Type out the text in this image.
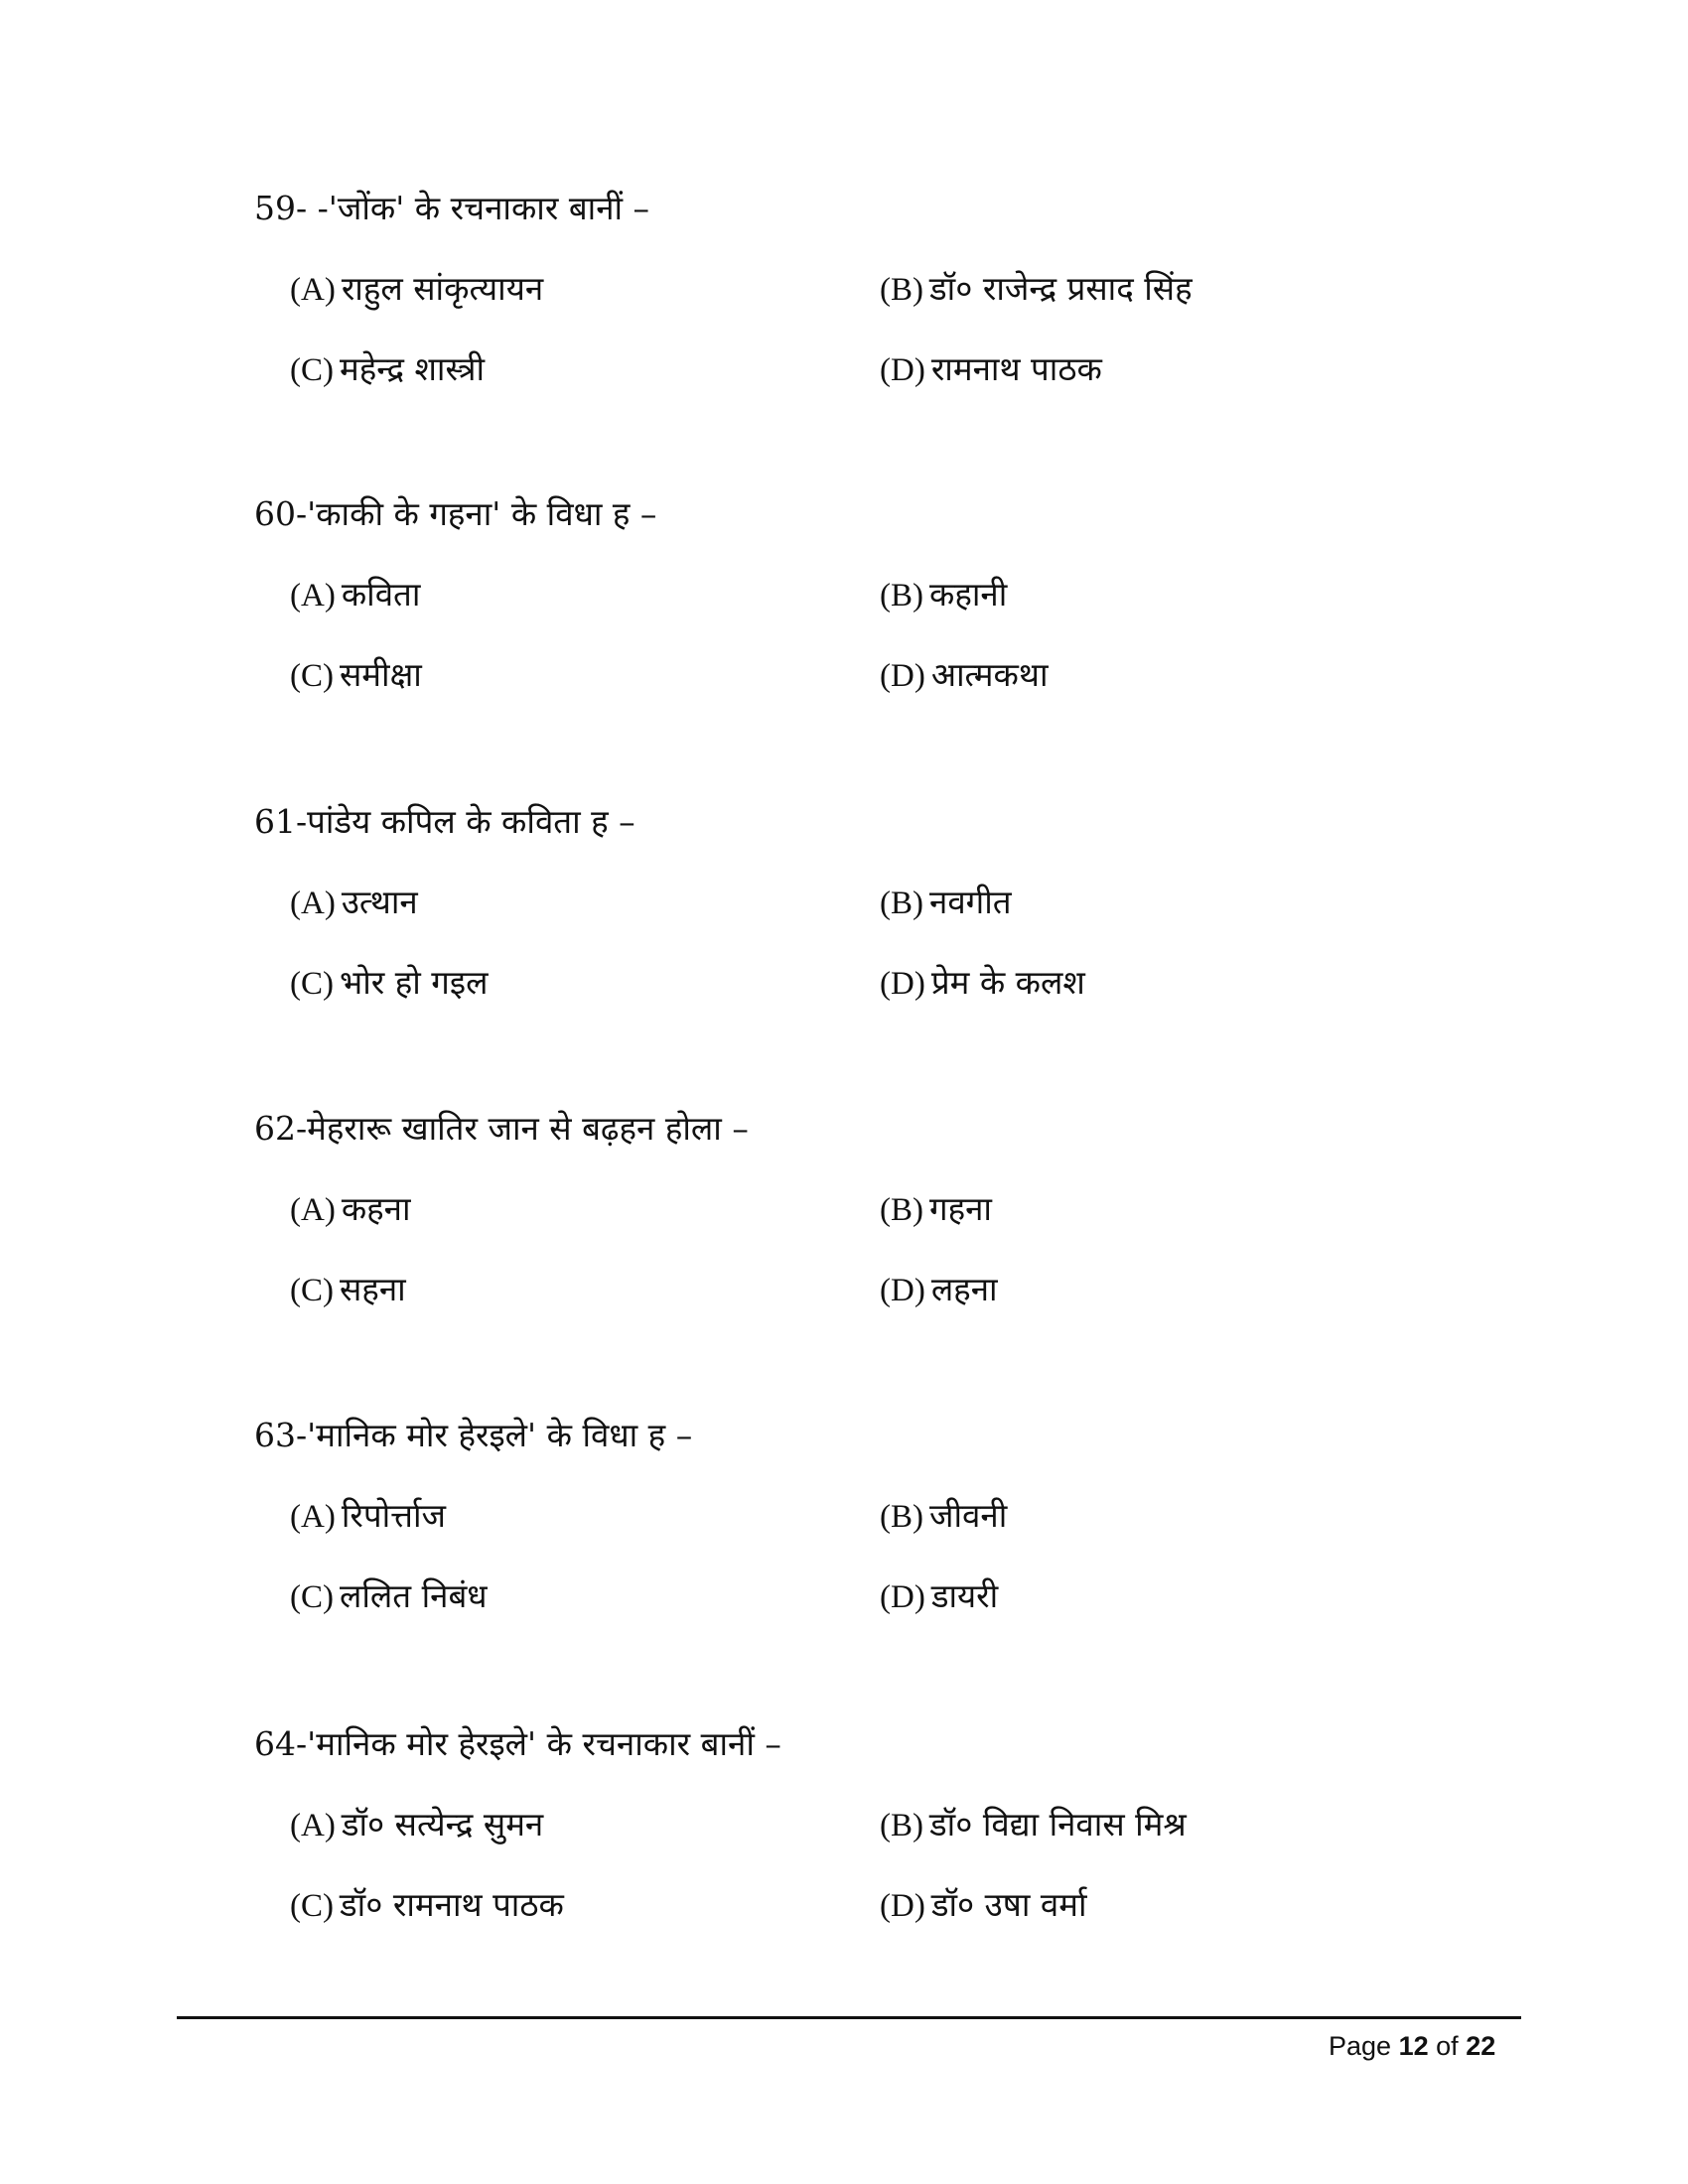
59- -'जोंक' के रचनाकार बानीं –
(A) राहुल सांकृत्यायन	(B) डॉ० राजेन्द्र प्रसाद सिंह
(C) महेन्द्र शास्त्री	(D) रामनाथ पाठक
60-'काकी के गहना' के विधा ह –
(A) कविता	(B) कहानी
(C) समीक्षा	(D) आत्मकथा
61-पांडेय कपिल के कविता ह –
(A) उत्थान	(B) नवगीत
(C) भोर हो गइल	(D) प्रेम के कलश
62-मेहरारू खातिर जान से बढ़हन होला –
(A) कहना	(B) गहना
(C) सहना	(D) लहना
63-'मानिक मोर हेरइले' के विधा ह –
(A) रिपोर्त्ताज	(B) जीवनी
(C) ललित निबंध	(D) डायरी
64-'मानिक मोर हेरइले' के रचनाकार बानीं –
(A) डॉ० सत्येन्द्र सुमन	(B) डॉ० विद्या निवास मिश्र
(C) डॉ० रामनाथ पाठक	(D) डॉ० उषा वर्मा
Page 12 of 22
